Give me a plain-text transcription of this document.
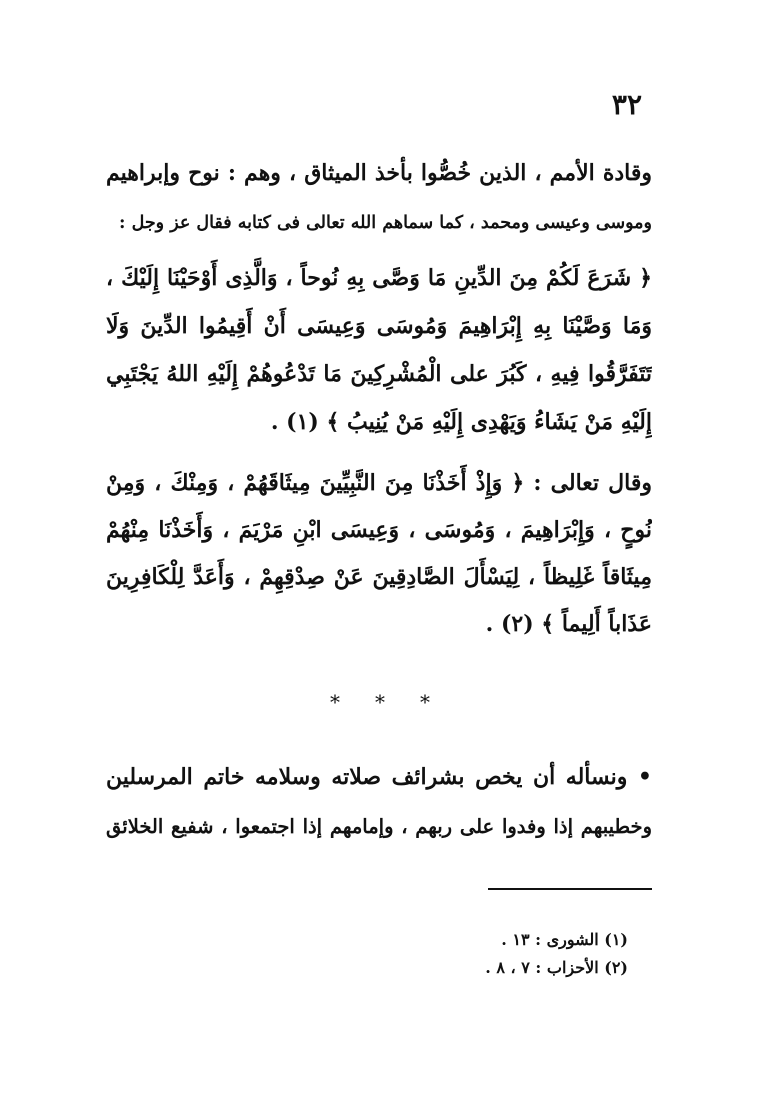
٣٢
وقادة الأمم ، الذين خُصُّوا بأخذ الميثاق ، وهم : نوح وإبراهيم
وموسى وعيسى ومحمد ، كما سماهم الله تعالى فى كتابه فقال عز وجل :
﴿ شَرَعَ لَكُمْ مِنَ الدِّينِ مَا وَصَّى بِهِ نُوحاً ، وَالَّذِى أَوْحَيْنَا إِلَيْكَ ،
وَمَا وَصَّيْنَا بِهِ إِبْرَاهِيمَ وَمُوسَى وَعِيسَى أَنْ أَقِيمُوا الدِّينَ وَلَا
تَتَفَرَّقُوا فِيهِ ، كَبُرَ على الْمُشْرِكِينَ مَا تَدْعُوهُمْ إِلَيْهِ اللهُ يَجْتَبِي
إِلَيْهِ مَنْ يَشَاءُ وَيَهْدِى إِلَيْهِ مَنْ يُنِيبُ ﴾ (١) .
وقال تعالى : ﴿ وَإِذْ أَخَذْنَا مِنَ النَّبِيِّينَ مِيثَاقَهُمْ ، وَمِنْكَ ، وَمِنْ
نُوحٍ ، وَإِبْرَاهِيمَ ، وَمُوسَى ، وَعِيسَى ابْنِ مَرْيَمَ ، وَأَخَذْنَا مِنْهُمْ
مِيثَاقاً غَلِيظاً ، لِيَسْأَلَ الصَّادِقِينَ عَنْ صِدْقِهِمْ ، وَأَعَدَّ لِلْكَافِرِينَ
عَذَاباً أَلِيماً ﴾ (٢) .
* * *
• ونسأله أن يخص بشرائف صلاته وسلامه خاتم المرسلين
وخطيبهم إذا وفدوا على ربهم ، وإمامهم إذا اجتمعوا ، شفيع الخلائق
(١) الشورى : ١٣ .
(٢) الأحزاب : ٧ ، ٨ .
